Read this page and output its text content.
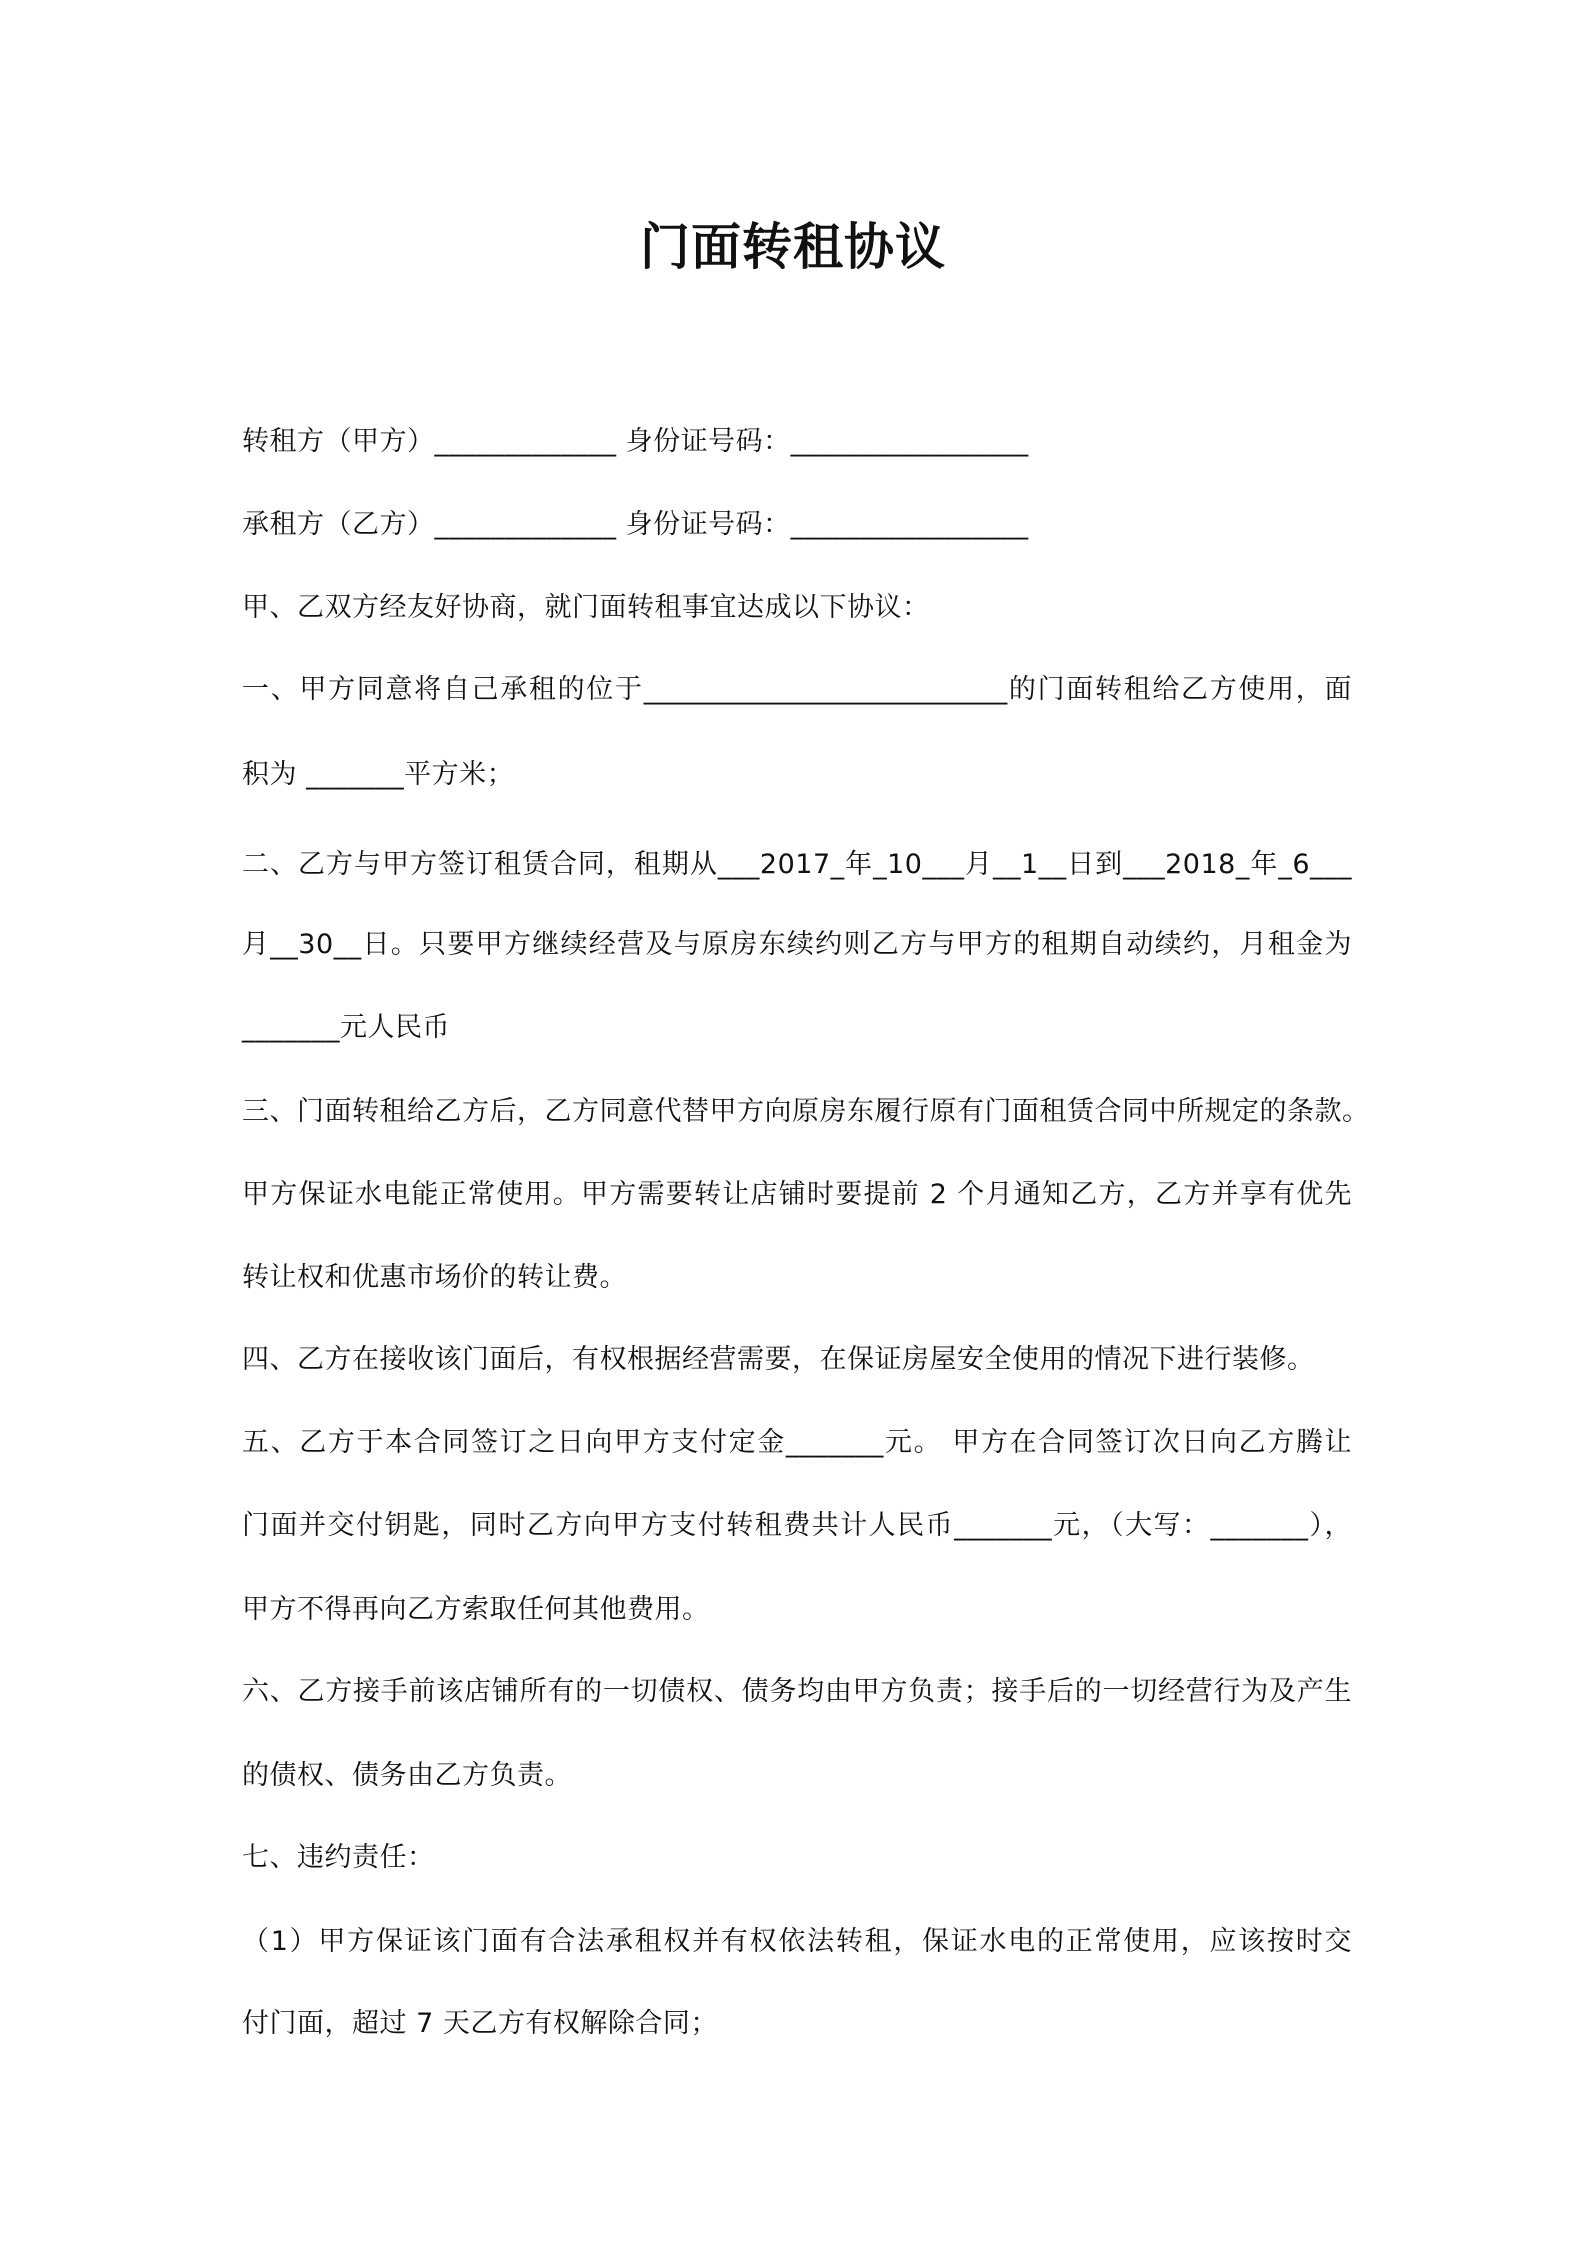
门面转租协议

转租方（甲方）_____________ 身份证号码：_________________

承租方（乙方）_____________ 身份证号码：_________________

甲、乙双方经友好协商，就门面转租事宜达成以下协议：

一、甲方同意将自己承租的位于__________________________的门面转租给乙方使用，面

积为 _______平方米；

二、乙方与甲方签订租赁合同，租期从___2017_年_10___月__1__日到___2018_年_6___

月__30__日。只要甲方继续经营及与原房东续约则乙方与甲方的租期自动续约，月租金为

_______元人民币

三、门面转租给乙方后，乙方同意代替甲方向原房东履行原有门面租赁合同中所规定的条款。

甲方保证水电能正常使用。甲方需要转让店铺时要提前 2 个月通知乙方，乙方并享有优先

转让权和优惠市场价的转让费。

四、乙方在接收该门面后，有权根据经营需要，在保证房屋安全使用的情况下进行装修。

五、乙方于本合同签订之日向甲方支付定金_______元。 甲方在合同签订次日向乙方腾让

门面并交付钥匙，同时乙方向甲方支付转租费共计人民币_______元，（大写：_______），

甲方不得再向乙方索取任何其他费用。

六、乙方接手前该店铺所有的一切债权、债务均由甲方负责；接手后的一切经营行为及产生

的债权、债务由乙方负责。

七、违约责任：

（1）甲方保证该门面有合法承租权并有权依法转租，保证水电的正常使用，应该按时交

付门面，超过 7 天乙方有权解除合同；
